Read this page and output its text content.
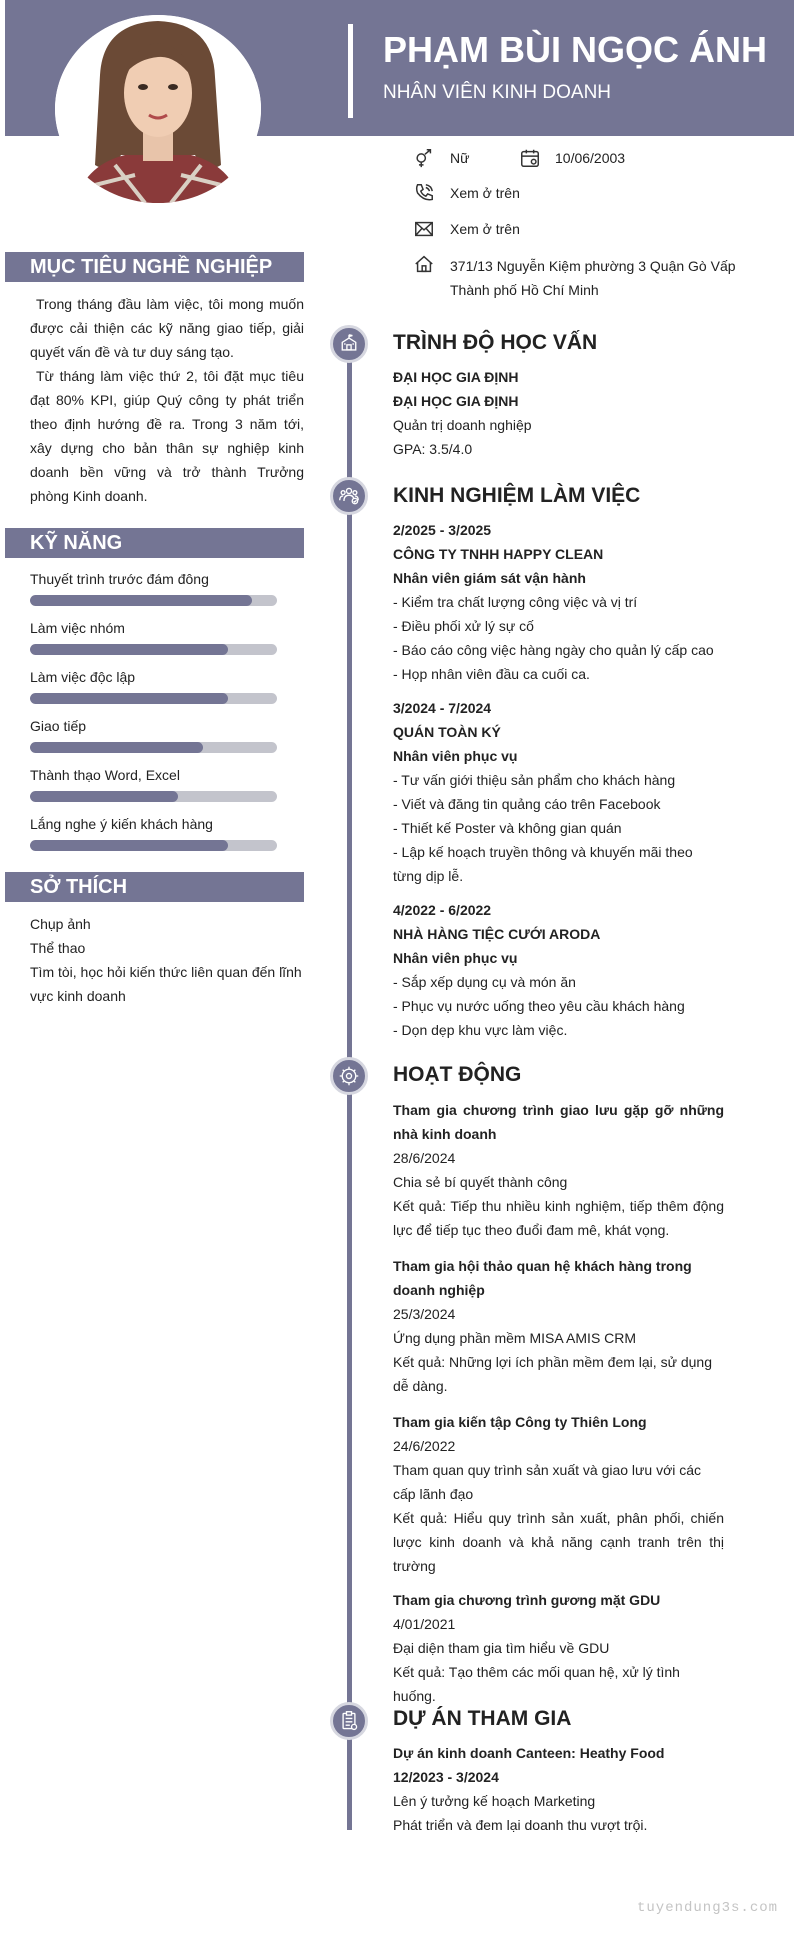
PHẠM BÙI NGỌC ÁNH
NHÂN VIÊN KINH DOANH
Nữ	10/06/2003
Xem ở trên
Xem ở trên
371/13 Nguyễn Kiệm phường 3 Quận Gò Vấp Thành phố Hồ Chí Minh
MỤC TIÊU NGHỀ NGHIỆP
Trong tháng đầu làm việc, tôi mong muốn được cải thiện các kỹ năng giao tiếp, giải quyết vấn đề và tư duy sáng tạo.
Từ tháng làm việc thứ 2, tôi đặt mục tiêu đạt 80% KPI, giúp Quý công ty phát triển theo định hướng đề ra. Trong 3 năm tới, xây dựng cho bản thân sự nghiệp kinh doanh bền vững và trở thành Trưởng phòng Kinh doanh.
KỸ NĂNG
Thuyết trình trước đám đông
Làm việc nhóm
Làm việc độc lập
Giao tiếp
Thành thạo Word, Excel
Lắng nghe ý kiến khách hàng
SỞ THÍCH
Chụp ảnh
Thể thao
Tìm tòi, học hỏi kiến thức liên quan đến lĩnh vực kinh doanh
TRÌNH ĐỘ HỌC VẤN
ĐẠI HỌC GIA ĐỊNH
ĐẠI HỌC GIA ĐỊNH
Quản trị doanh nghiệp
GPA: 3.5/4.0
KINH NGHIỆM LÀM VIỆC
2/2025 - 3/2025
CÔNG TY TNHH HAPPY CLEAN
Nhân viên giám sát vận hành
- Kiểm tra chất lượng công việc và vị trí
- Điều phối xử lý sự cố
- Báo cáo công việc hàng ngày cho quản lý cấp cao
- Họp nhân viên đầu ca cuối ca.
3/2024 - 7/2024
QUÁN TOÀN KÝ
Nhân viên phục vụ
- Tư vấn giới thiệu sản phẩm cho khách hàng
- Viết và đăng tin quảng cáo trên Facebook
- Thiết kế Poster và không gian quán
- Lập kế hoạch truyền thông và khuyến mãi theo từng dịp lễ.
4/2022 - 6/2022
NHÀ HÀNG TIỆC CƯỚI ARODA
Nhân viên phục vụ
- Sắp xếp dụng cụ và món ăn
- Phục vụ nước uống theo yêu cầu khách hàng
- Dọn dẹp khu vực làm việc.
HOẠT ĐỘNG
Tham gia chương trình giao lưu gặp gỡ những nhà kinh doanh
28/6/2024
Chia sẻ bí quyết thành công
Kết quả: Tiếp thu nhiều kinh nghiệm, tiếp thêm động lực để tiếp tục theo đuổi đam mê, khát vọng.
Tham gia hội thảo quan hệ khách hàng trong doanh nghiệp
25/3/2024
Ứng dụng phần mềm MISA AMIS CRM
Kết quả: Những lợi ích phần mềm đem lại, sử dụng dễ dàng.
Tham gia kiến tập Công ty Thiên Long
24/6/2022
Tham quan quy trình sản xuất và giao lưu với các cấp lãnh đạo
Kết quả: Hiểu quy trình sản xuất, phân phối, chiến lược kinh doanh và khả năng cạnh tranh trên thị trường
Tham gia chương trình gương mặt GDU
4/01/2021
Đại diện tham gia tìm hiểu về GDU
Kết quả: Tạo thêm các mối quan hệ, xử lý tình huống.
DỰ ÁN THAM GIA
Dự án kinh doanh Canteen: Heathy Food
12/2023 - 3/2024
Lên ý tưởng kế hoạch Marketing
Phát triển và đem lại doanh thu vượt trội.
tuyendung3s.com
